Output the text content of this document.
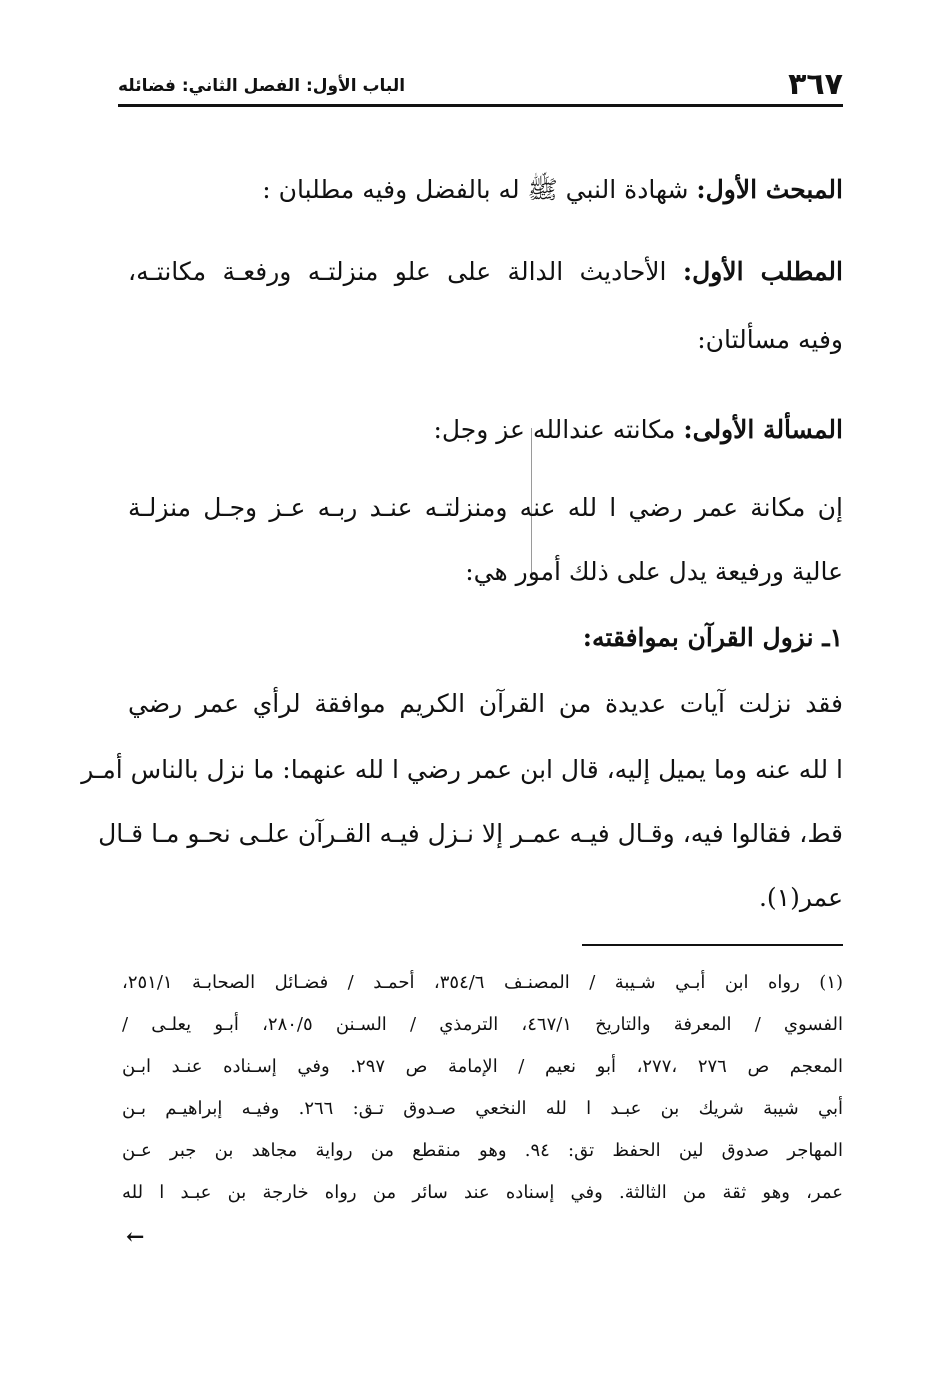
٣٦٧
الباب الأول: الفصل الثاني: فضائله
المبحث الأول: شهادة النبي ﷺ له بالفضل وفيه مطلبان :
المطلب الأول: الأحاديث الدالة على علو منزلتـه ورفعـة مكانتـه،
وفيه مسألتان:
المسألة الأولى: مكانته عندالله عز وجل:
إن مكانة عمر رضي ا لله عنه ومنزلتـه عنـد ربـه عـز وجـل منزلـة
عالية ورفيعة يدل على ذلك أمور هي:
١ـ نزول القرآن بموافقته:
فقد نزلت آيات عديدة من القرآن الكريم موافقة لرأي عمر رضي
ا لله عنه وما يميل إليه، قال ابن عمر رضي ا لله عنهما: ما نزل بالناس أمـر
قط، فقالوا فيه، وقـال فيـه عمـر إلا نـزل فيـه القـرآن علـى نحـو مـا قـال
عمر(١).
(١) رواه ابن أبـي شـيبة / المصنـف ٣٥٤/٦، أحمـد / فضـائل الصحابـة ٢٥١/١،
الفسوي / المعرفة والتاريخ ٤٦٧/١، الترمذي / السـنن ٢٨٠/٥، أبـو يعلـى /
المعجم ص ٢٧٦ ،٢٧٧، أبو نعيم / الإمامة ص ٢٩٧. وفي إسـناده عنـد ابـن
أبي شيبة شريك بن عبـد ا لله النخعي صـدوق تـق: ٢٦٦. وفيـه إبراهيـم بـن
المهاجر صدوق لين الحفظ تق: ٩٤. وهو منقطع من رواية مجاهد بن جبر عـن
عمر، وهو ثقة من الثالثة. وفي إسناده عند سائر من رواه خارجة بن عبـد ا لله
←
